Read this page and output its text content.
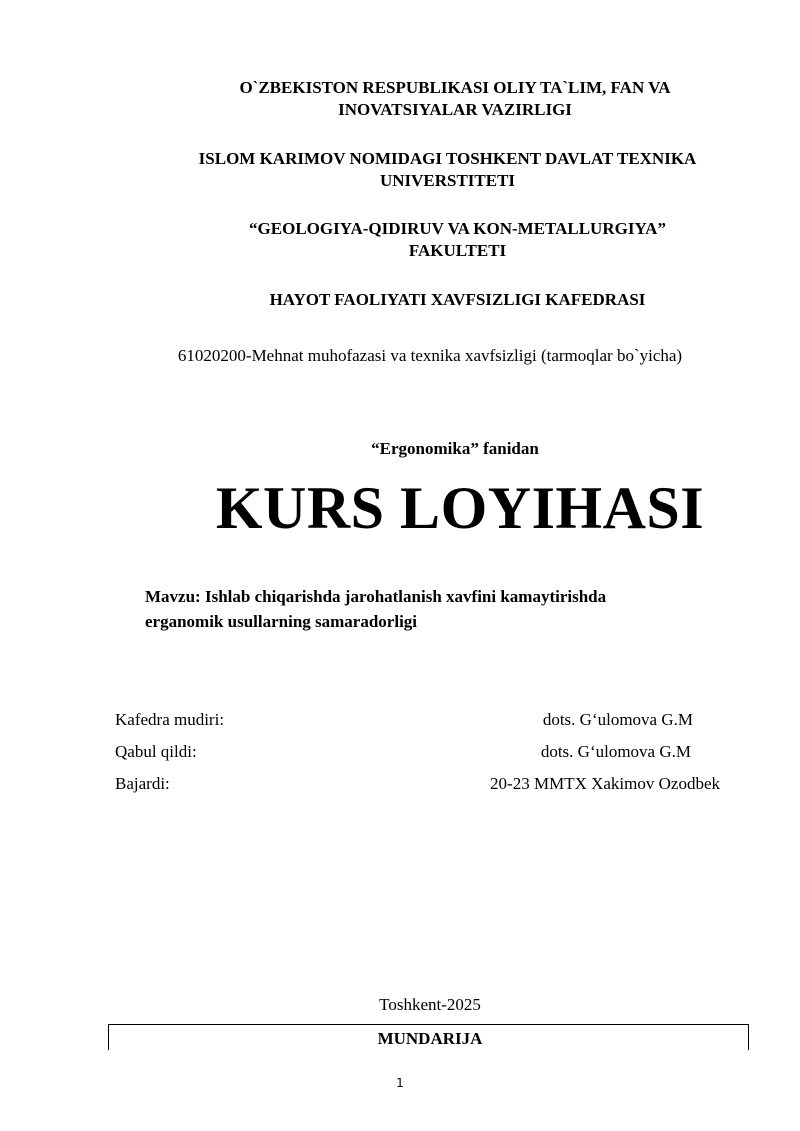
O`ZBEKISTON RESPUBLIKASI OLIY TA`LIM, FAN VA
INOVATSIYALAR VAZIRLIGI
ISLOM KARIMOV NOMIDAGI TOSHKENT DAVLAT TEXNIKA
UNIVERSTITETI
“GEOLOGIYA-QIDIRUV VA KON-METALLURGIYA”
FAKULTETI
HAYOT FAOLIYATI XAVFSIZLIGI KAFEDRASI
61020200-Mehnat muhofazasi va texnika xavfsizligi (tarmoqlar bo`yicha)
“Ergonomika” fanidan
KURS LOYIHASI
Mavzu: Ishlab chiqarishda jarohatlanish xavfini kamaytirishda
erganomik usullarning samaradorligi
Kafedra mudiri:	dots. G‘ulomova G.M
Qabul qildi:	dots. G‘ulomova G.M
Bajardi:	20-23 MMTX Xakimov Ozodbek
Toshkent-2025
MUNDARIJA
1
